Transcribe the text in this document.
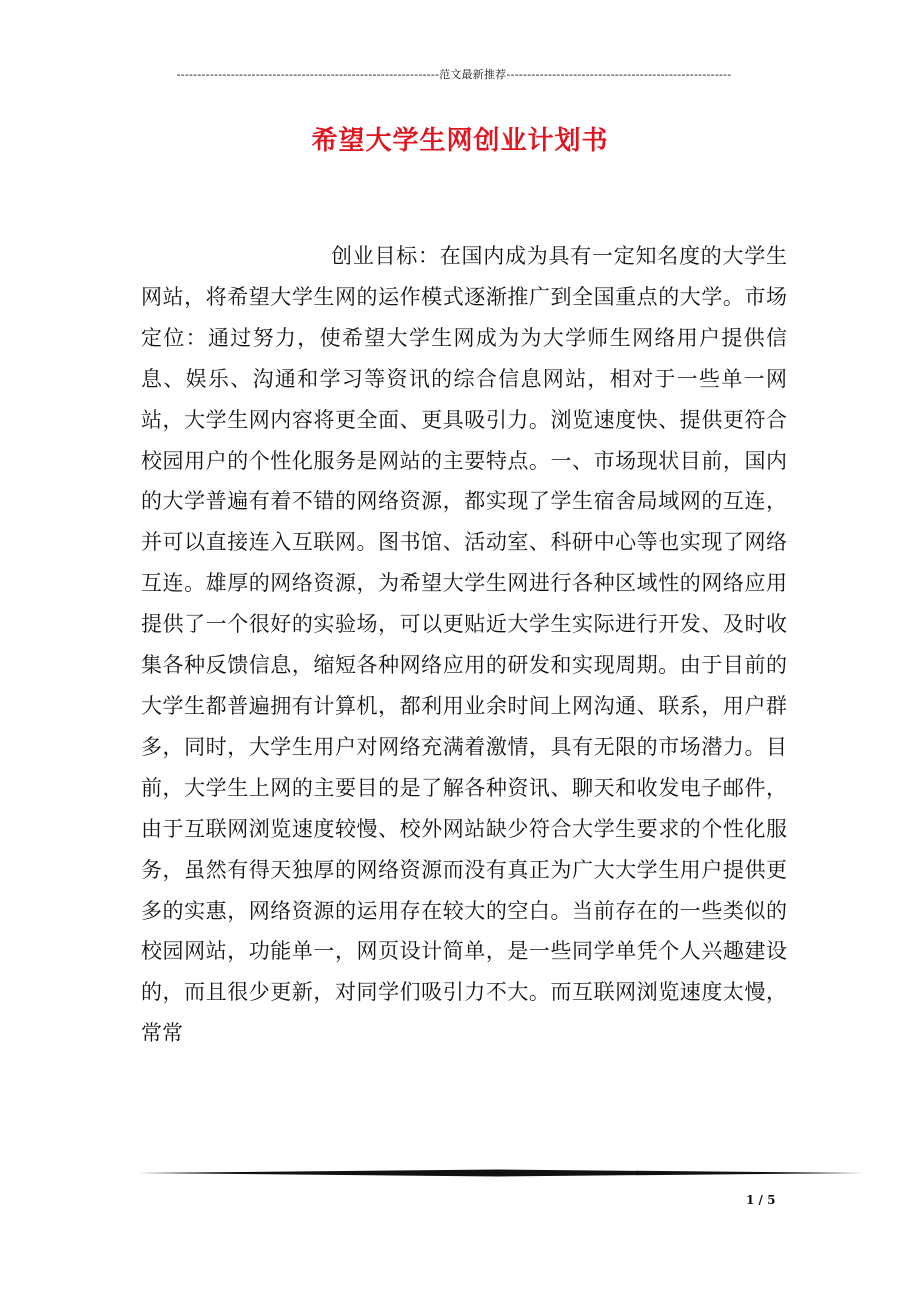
---------------------------------------------------------------范文最新推荐------------------------------------------------------
希望大学生网创业计划书

创业目标：在国内成为具有一定知名度的大学生网站，将希望大学生网的运作模式逐渐推广到全国重点的大学。市场定位：通过努力，使希望大学生网成为为大学师生网络用户提供信息、娱乐、沟通和学习等资讯的综合信息网站，相对于一些单一网站，大学生网内容将更全面、更具吸引力。浏览速度快、提供更符合校园用户的个性化服务是网站的主要特点。一、市场现状目前，国内的大学普遍有着不错的网络资源，都实现了学生宿舍局域网的互连，并可以直接连入互联网。图书馆、活动室、科研中心等也实现了网络互连。雄厚的网络资源，为希望大学生网进行各种区域性的网络应用提供了一个很好的实验场，可以更贴近大学生实际进行开发、及时收集各种反馈信息，缩短各种网络应用的研发和实现周期。由于目前的大学生都普遍拥有计算机，都利用业余时间上网沟通、联系，用户群多，同时，大学生用户对网络充满着激情，具有无限的市场潜力。目前，大学生上网的主要目的是了解各种资讯、聊天和收发电子邮件，由于互联网浏览速度较慢、校外网站缺少符合大学生要求的个性化服务，虽然有得天独厚的网络资源而没有真正为广大大学生用户提供更多的实惠，网络资源的运用存在较大的空白。当前存在的一些类似的校园网站，功能单一，网页设计简单，是一些同学单凭个人兴趣建设的，而且很少更新，对同学们吸引力不大。而互联网浏览速度太慢，常常

1 / 5
